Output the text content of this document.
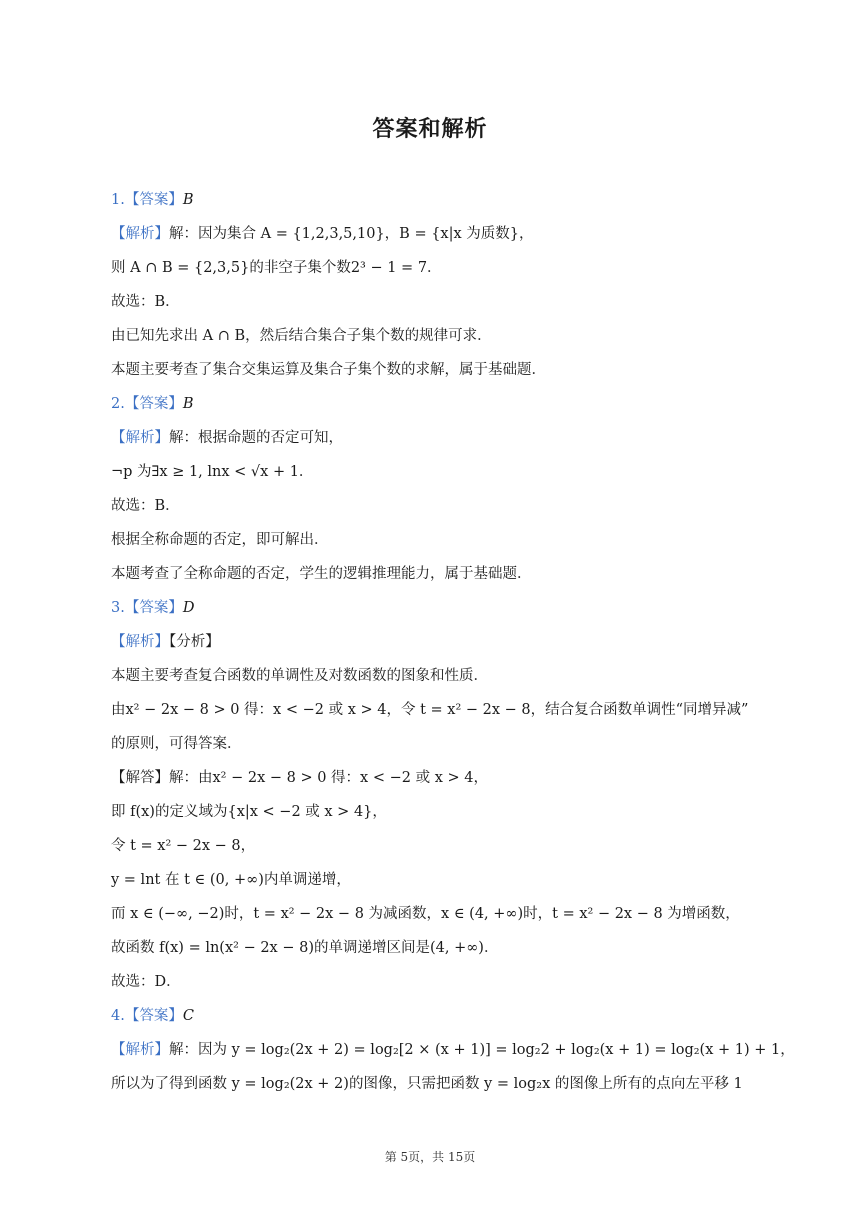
答案和解析
1.【答案】B
【解析】解：因为集合 A = {1,2,3,5,10}，B = {x|x 为质数}，
则 A ∩ B = {2,3,5}的非空子集个数2³ − 1 = 7．
故选：B．
由已知先求出 A ∩ B，然后结合集合子集个数的规律可求．
本题主要考查了集合交集运算及集合子集个数的求解，属于基础题．
2.【答案】B
【解析】解：根据命题的否定可知，
¬p 为∃x ≥ 1, lnx < √x + 1．
故选：B．
根据全称命题的否定，即可解出．
本题考查了全称命题的否定，学生的逻辑推理能力，属于基础题．
3.【答案】D
【解析】【分析】
本题主要考查复合函数的单调性及对数函数的图象和性质．
由x² − 2x − 8 > 0 得：x < −2 或 x > 4，令 t = x² − 2x − 8，结合复合函数单调性“同增异减”
的原则，可得答案．
【解答】解：由x² − 2x − 8 > 0 得：x < −2 或 x > 4，
即 f(x)的定义域为{x|x < −2 或 x > 4}，
令 t = x² − 2x − 8，
y = lnt 在 t ∈ (0, +∞)内单调递增，
而 x ∈ (−∞, −2)时，t = x² − 2x − 8 为减函数，x ∈ (4, +∞)时，t = x² − 2x − 8 为增函数，
故函数 f(x) = ln(x² − 2x − 8)的单调递增区间是(4, +∞)．
故选：D．
4.【答案】C
【解析】解：因为 y = log₂(2x + 2) = log₂[2 × (x + 1)] = log₂2 + log₂(x + 1) = log₂(x + 1) + 1，
所以为了得到函数 y = log₂(2x + 2)的图像，只需把函数 y = log₂x 的图像上所有的点向左平移 1
第 5页，共 15页
